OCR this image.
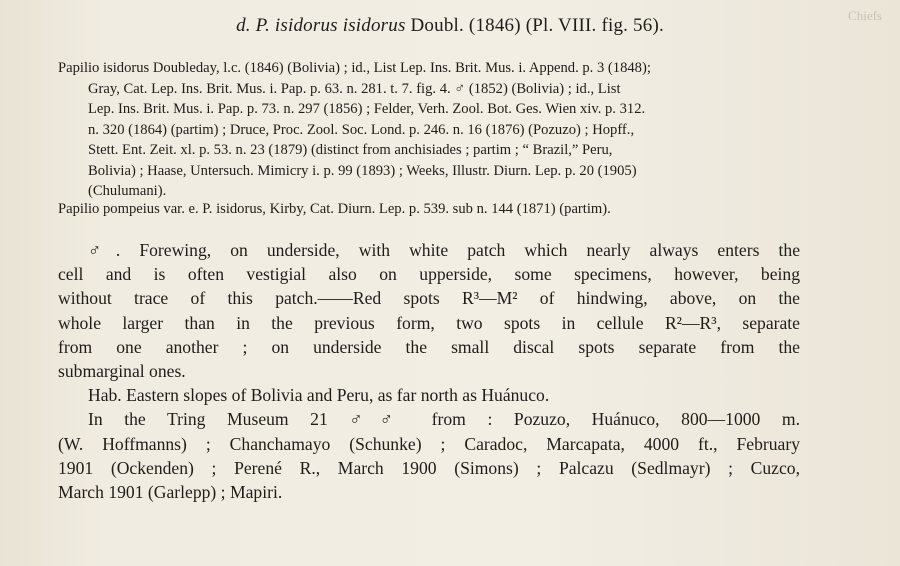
Chiefs
d. P. isidorus isidorus Doubl. (1846) (Pl. VIII. fig. 56).
Papilio isidorus Doubleday, l.c. (1846) (Bolivia) ; id., List Lep. Ins. Brit. Mus. i. Append. p. 3 (1848);
Gray, Cat. Lep. Ins. Brit. Mus. i. Pap. p. 63. n. 281. t. 7. fig. 4. ♂ (1852) (Bolivia) ; id., List
Lep. Ins. Brit. Mus. i. Pap. p. 73. n. 297 (1856) ; Felder, Verh. Zool. Bot. Ges. Wien xiv. p. 312.
n. 320 (1864) (partim) ; Druce, Proc. Zool. Soc. Lond. p. 246. n. 16 (1876) (Pozuzo) ; Hopff.,
Stett. Ent. Zeit. xl. p. 53. n. 23 (1879) (distinct from anchisiades ; partim ; “ Brazil,” Peru,
Bolivia) ; Haase, Untersuch. Mimicry i. p. 99 (1893) ; Weeks, Illustr. Diurn. Lep. p. 20 (1905)
(Chulumani).
Papilio pompeius var. e. P. isidorus, Kirby, Cat. Diurn. Lep. p. 539. sub n. 144 (1871) (partim).
♂. Forewing, on underside, with white patch which nearly always enters the
cell and is often vestigial also on upperside, some specimens, however, being
without trace of this patch.——Red spots R³—M² of hindwing, above, on the
whole larger than in the previous form, two spots in cellule R²—R³, separate
from one another ; on underside the small discal spots separate from the
submarginal ones.
Hab. Eastern slopes of Bolivia and Peru, as far north as Huánuco.
In the Tring Museum 21 ♂♂ from : Pozuzo, Huánuco, 800—1000 m.
(W. Hoffmanns) ; Chanchamayo (Schunke) ; Caradoc, Marcapata, 4000 ft., February
1901 (Ockenden) ; Perené R., March 1900 (Simons) ; Palcazu (Sedlmayr) ; Cuzco,
March 1901 (Garlepp) ; Mapiri.
